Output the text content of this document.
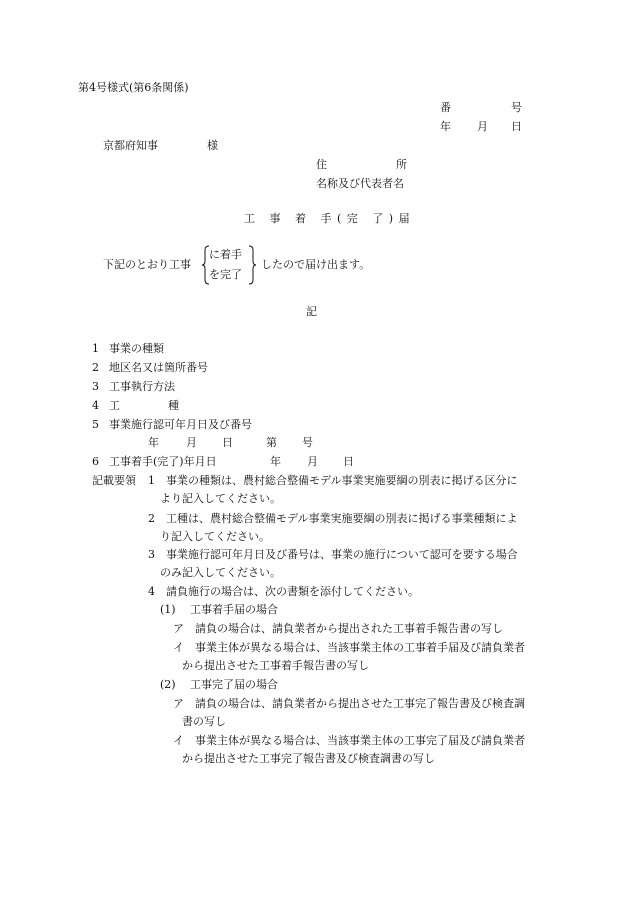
第4号様式(第6条関係)
番	号
年 月 日
京都府知事	様
住	所
名称及び代表者名
工 事 着 手(完 了)届
下記のとおり工事
に着手
を完了
したので届け出ます。
記
1 事業の種類
2 地区名又は箇所番号
3 工事執行方法
4 工	種
5 事業施行認可年月日及び番号
年 月 日	第 号
6 工事着手(完了)年月日	年 月 日
記載要領 1 事業の種類は、農村総合整備モデル事業実施要綱の別表に掲げる区分に
より記入してください。
2 工種は、農村総合整備モデル事業実施要綱の別表に掲げる事業種類によ
り記入してください。
3 事業施行認可年月日及び番号は、事業の施行について認可を要する場合
のみ記入してください。
4 請負施行の場合は、次の書類を添付してください。
(1) 工事着手届の場合
ア 請負の場合は、請負業者から提出された工事着手報告書の写し
イ 事業主体が異なる場合は、当該事業主体の工事着手届及び請負業者
から提出させた工事着手報告書の写し
(2) 工事完了届の場合
ア 請負の場合は、請負業者から提出させた工事完了報告書及び検査調
書の写し
イ 事業主体が異なる場合は、当該事業主体の工事完了届及び請負業者
から提出させた工事完了報告書及び検査調書の写し
